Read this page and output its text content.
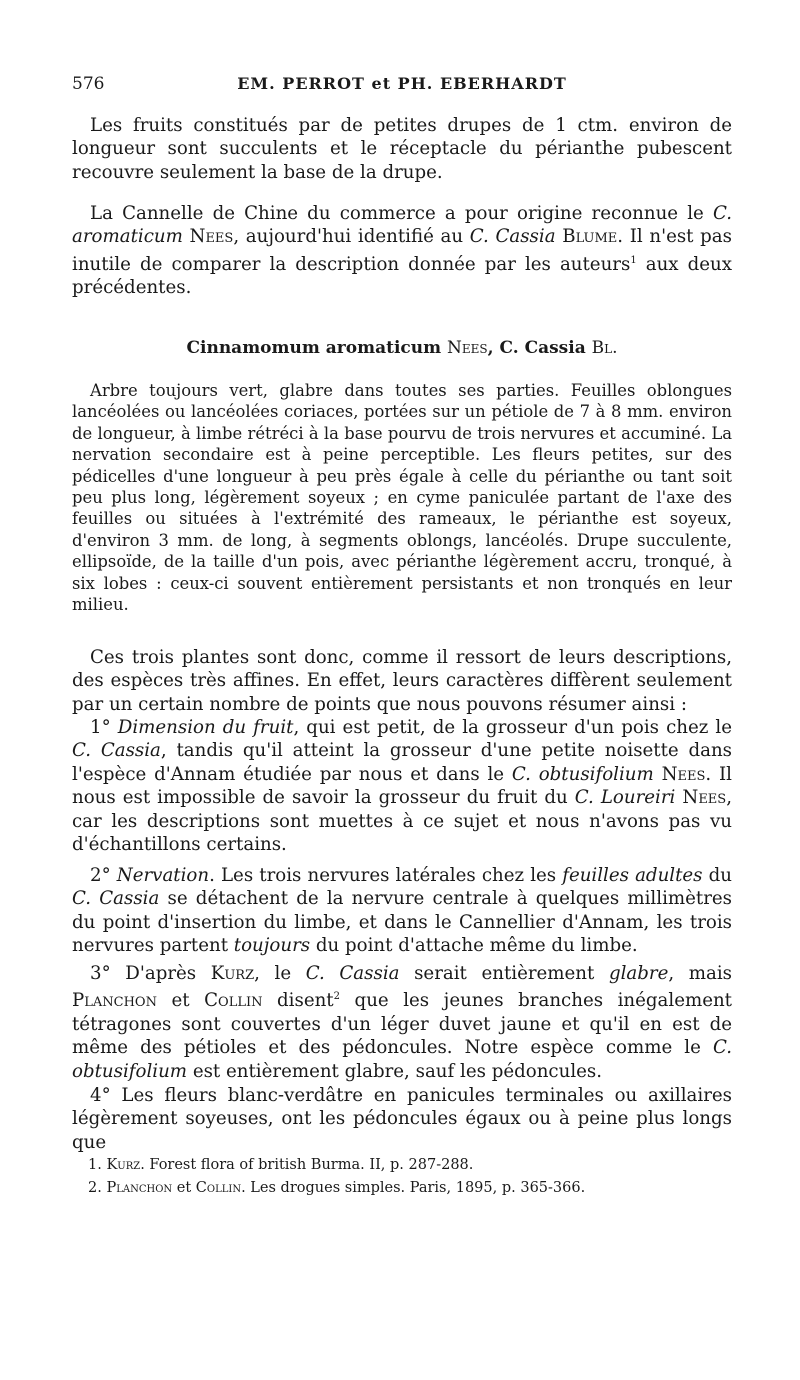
576	EM. PERROT et PH. EBERHARDT

Les fruits constitués par de petites drupes de 1 ctm. environ de longueur sont succulents et le réceptacle du périanthe pubescent recouvre seulement la base de la drupe.

La Cannelle de Chine du commerce a pour origine reconnue le C. aromaticum Nees, aujourd'hui identifié au C. Cassia Blume. Il n'est pas inutile de comparer la description donnée par les auteurs$^1$ aux deux précédentes.

Cinnamomum aromaticum Nees, C. Cassia Bl.

Arbre toujours vert, glabre dans toutes ses parties. Feuilles oblongues lancéolées ou lancéolées coriaces, portées sur un pétiole de 7 à 8 mm. environ de longueur, à limbe rétréci à la base pourvu de trois nervures et accuminé. La nervation secondaire est à peine perceptible. Les fleurs petites, sur des pédicelles d'une longueur à peu près égale à celle du périanthe ou tant soit peu plus long, légèrement soyeux ; en cyme paniculée partant de l'axe des feuilles ou situées à l'extrémité des rameaux, le périanthe est soyeux, d'environ 3 mm. de long, à segments oblongs, lancéolés. Drupe succulente, ellipsoïde, de la taille d'un pois, avec périanthe légèrement accru, tronqué, à six lobes : ceux-ci souvent entièrement persistants et non tronqués en leur milieu.

Ces trois plantes sont donc, comme il ressort de leurs descriptions, des espèces très affines. En effet, leurs caractères diffèrent seulement par un certain nombre de points que nous pouvons résumer ainsi :

1° Dimension du fruit, qui est petit, de la grosseur d'un pois chez le C. Cassia, tandis qu'il atteint la grosseur d'une petite noisette dans l'espèce d'Annam étudiée par nous et dans le C. obtusifolium Nees. Il nous est impossible de savoir la grosseur du fruit du C. Loureiri Nees, car les descriptions sont muettes à ce sujet et nous n'avons pas vu d'échantillons certains.

2° Nervation. Les trois nervures latérales chez les feuilles adultes du C. Cassia se détachent de la nervure centrale à quelques millimètres du point d'insertion du limbe, et dans le Cannellier d'Annam, les trois nervures partent toujours du point d'attache même du limbe.

3° D'après Kurz, le C. Cassia serait entièrement glabre, mais Planchon et Collin disent$^2$ que les jeunes branches inégalement tétragones sont couvertes d'un léger duvet jaune et qu'il en est de même des pétioles et des pédoncules. Notre espèce comme le C. obtusifolium est entièrement glabre, sauf les pédoncules.

4° Les fleurs blanc-verdâtre en panicules terminales ou axillaires légèrement soyeuses, ont les pédoncules égaux ou à peine plus longs que

1. Kurz. Forest flora of british Burma. II, p. 287-288.

2. Planchon et Collin. Les drogues simples. Paris, 1895, p. 365-366.
